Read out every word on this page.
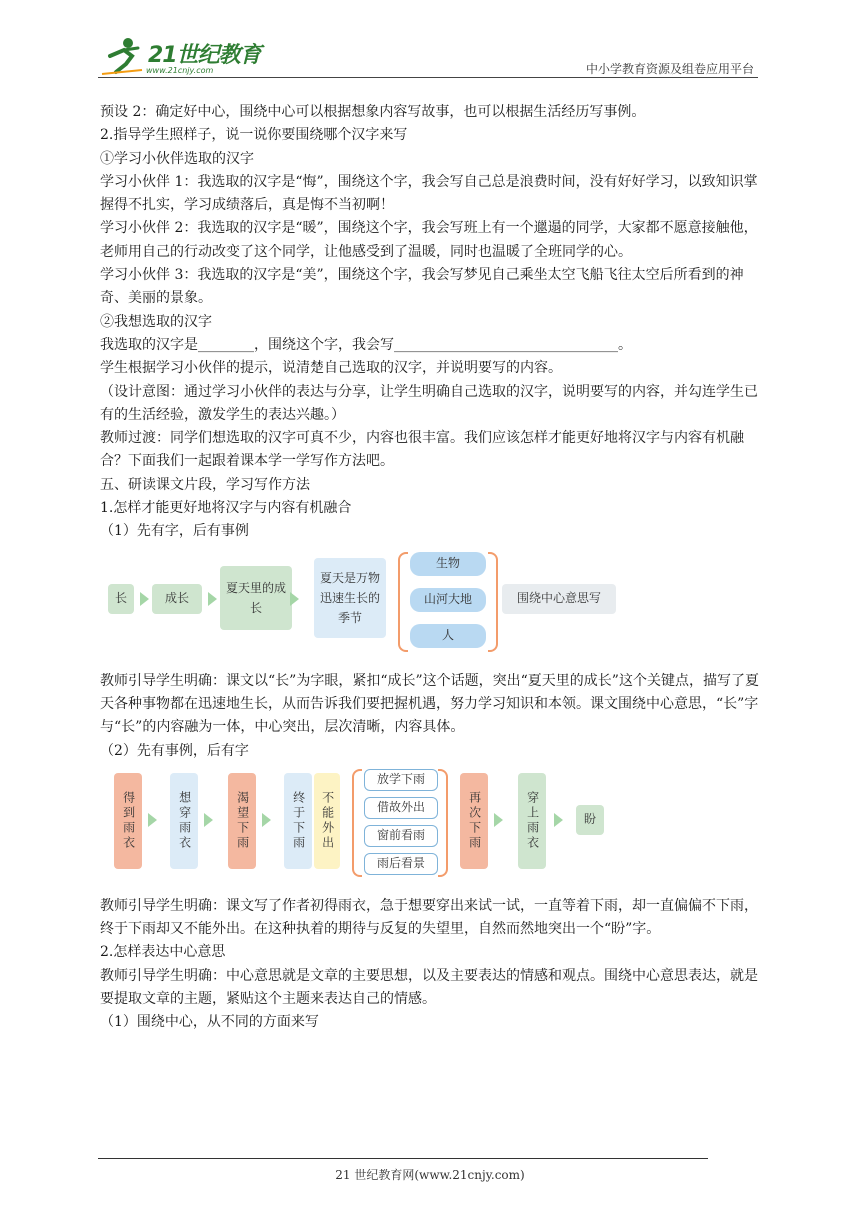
21世纪教育
www.21cnjy.com	中小学教育资源及组卷应用平台

预设 2：确定好中心，围绕中心可以根据想象内容写故事，也可以根据生活经历写事例。

2.指导学生照样子，说一说你要围绕哪个汉字来写

①学习小伙伴选取的汉字

学习小伙伴 1：我选取的汉字是“悔”，围绕这个字，我会写自己总是浪费时间，没有好好学习，以致知识掌握得不扎实，学习成绩落后，真是悔不当初啊！

学习小伙伴 2：我选取的汉字是“暖”，围绕这个字，我会写班上有一个邋遢的同学，大家都不愿意接触他，老师用自己的行动改变了这个同学，让他感受到了温暖，同时也温暖了全班同学的心。

学习小伙伴 3：我选取的汉字是“美”，围绕这个字，我会写梦见自己乘坐太空飞船飞往太空后所看到的神奇、美丽的景象。

②我想选取的汉字

我选取的汉字是________，围绕这个字，我会写________________________________。

学生根据学习小伙伴的提示，说清楚自己选取的汉字，并说明要写的内容。

（设计意图：通过学习小伙伴的表达与分享，让学生明确自己选取的汉字，说明要写的内容，并勾连学生已有的生活经验，激发学生的表达兴趣。）

教师过渡：同学们想选取的汉字可真不少，内容也很丰富。我们应该怎样才能更好地将汉字与内容有机融合？下面我们一起跟着课本学一学写作方法吧。

五、研读课文片段，学习写作方法

1.怎样才能更好地将汉字与内容有机融合

（1）先有字，后有事例

长	成长
夏天里的成长
夏天是万物迅速生长的季节
生物
山河大地
人
围绕中心意思写

教师引导学生明确：课文以“长”为字眼，紧扣“成长”这个话题，突出“夏天里的成长”这个关键点，描写了夏天各种事物都在迅速地生长，从而告诉我们要把握机遇，努力学习知识和本领。课文围绕中心意思，“长”字与“长”的内容融为一体，中心突出，层次清晰，内容具体。

（2）先有事例，后有字

得到雨衣	想穿雨衣	渴望下雨	终于下雨	不能外出
放学下雨
借故外出
窗前看雨
雨后看景
再次下雨	穿上雨衣	盼

教师引导学生明确：课文写了作者初得雨衣，急于想要穿出来试一试，一直等着下雨，却一直偏偏不下雨，终于下雨却又不能外出。在这种执着的期待与反复的失望里，自然而然地突出一个“盼”字。

2.怎样表达中心意思

教师引导学生明确：中心意思就是文章的主要思想，以及主要表达的情感和观点。围绕中心意思表达，就是要提取文章的主题，紧贴这个主题来表达自己的情感。

（1）围绕中心，从不同的方面来写

21 世纪教育网(www.21cnjy.com)
